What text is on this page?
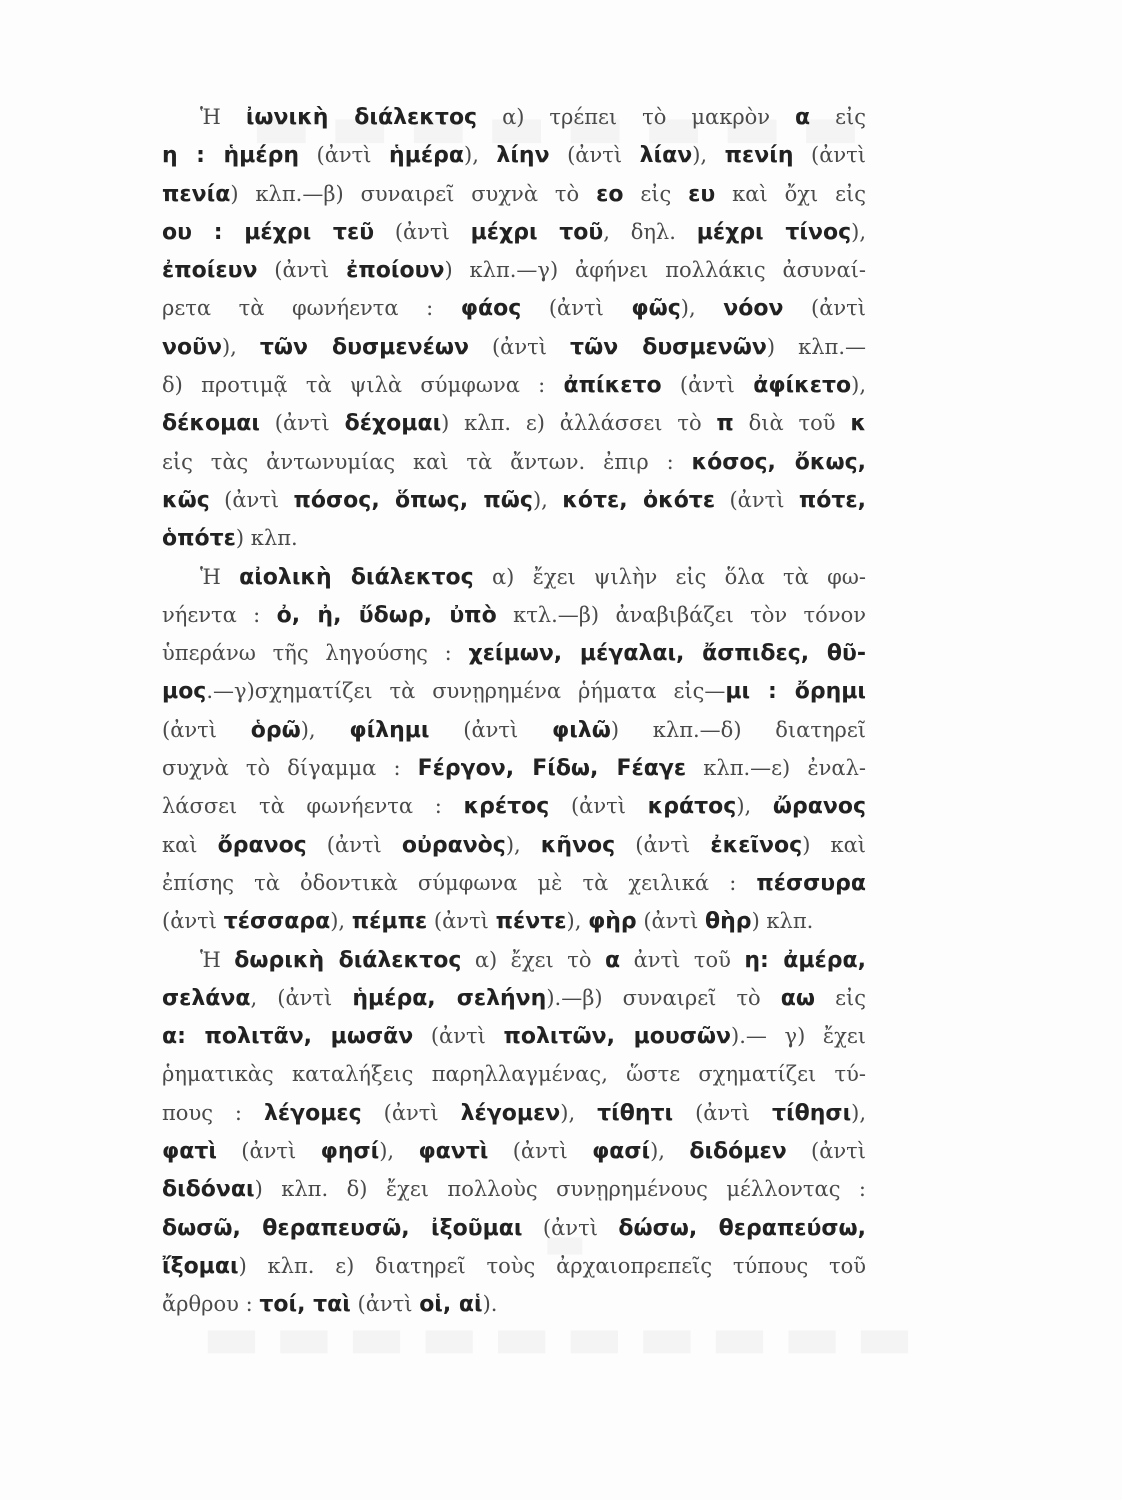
Ἡ ἰωνικὴ διάλεκτος α) τρέπει τὸ μακρὸν α εἰς
η : ἡμέρη (ἀντὶ ἡμέρα), λίην (ἀντὶ λίαν), πενίη (ἀντὶ
πενία) κλπ.—β) συναιρεῖ συχνὰ τὸ εο εἰς ευ καὶ ὄχι εἰς
ου : μέχρι τεῦ (ἀντὶ μέχρι τοῦ, δηλ. μέχρι τίνος),
ἐποίευν (ἀντὶ ἐποίουν) κλπ.—γ) ἀφήνει πολλάκις ἀσυναί-
ρετα τὰ φωνήεντα : φάος (ἀντὶ φῶς), νόον (ἀντὶ
νοῦν), τῶν δυσμενέων (ἀντὶ τῶν δυσμενῶν) κλπ.—
δ) προτιμᾷ τὰ ψιλὰ σύμφωνα : ἀπίκετο (ἀντὶ ἀφίκετο),
δέκομαι (ἀντὶ δέχομαι) κλπ. ε) ἀλλάσσει τὸ π διὰ τοῦ κ
εἰς τὰς ἀντωνυμίας καὶ τὰ ἄντων. ἐπιρ : κόσος, ὄκως,
κῶς (ἀντὶ πόσος, ὅπως, πῶς), κότε, ὀκότε (ἀντὶ πότε,
ὁπότε) κλπ.
Ἡ αἰολικὴ διάλεκτος α) ἔχει ψιλὴν εἰς ὅλα τὰ φω-
νήεντα : ὀ, ἠ, ὔδωρ, ὐπὸ κτλ.—β) ἀναβιβάζει τὸν τόνον
ὑπεράνω τῆς ληγούσης : χείμων, μέγαλαι, ἄσπιδες, θῦ-
μος.—γ)σχηματίζει τὰ συνῃρημένα ῥήματα εἰς—μι : ὄρημι
(ἀντὶ ὁρῶ), φίλημι (ἀντὶ φιλῶ) κλπ.—δ) διατηρεῖ
συχνὰ τὸ δίγαμμα : Fέργον, Fίδω, Fέαγε κλπ.—ε) ἐναλ-
λάσσει τὰ φωνήεντα : κρέτος (ἀντὶ κράτος), ὤρανος
καὶ ὄρανος (ἀντὶ οὐρανὸς), κῆνος (ἀντὶ ἐκεῖνος) καὶ
ἐπίσης τὰ ὀδοντικὰ σύμφωνα μὲ τὰ χειλικά : πέσσυρα
(ἀντὶ τέσσαρα), πέμπε (ἀντὶ πέντε), φὴρ (ἀντὶ θὴρ) κλπ.
Ἡ δωρικὴ διάλεκτος α) ἔχει τὸ α ἀντὶ τοῦ η: ἀμέρα,
σελάνα, (ἀντὶ ἡμέρα, σελήνη).—β) συναιρεῖ τὸ αω εἰς
α: πολιτᾶν, μωσᾶν (ἀντὶ πολιτῶν, μουσῶν).— γ) ἔχει
ῥηματικὰς καταλήξεις παρηλλαγμένας, ὥστε σχηματίζει τύ-
πους : λέγομες (ἀντὶ λέγομεν), τίθητι (ἀντὶ τίθησι),
φατὶ (ἀντὶ φησί), φαντὶ (ἀντὶ φασί), διδόμεν (ἀντὶ
διδόναι) κλπ. δ) ἔχει πολλοὺς συνῃρημένους μέλλοντας :
δωσῶ, θεραπευσῶ, ἰξοῦμαι (ἀντὶ δώσω, θεραπεύσω,
ἴξομαι) κλπ. ε) διατηρεῖ τοὺς ἀρχαιοπρεπεῖς τύπους τοῦ
ἄρθρου : τοί, ταὶ (ἀντὶ οἱ, αἱ).
